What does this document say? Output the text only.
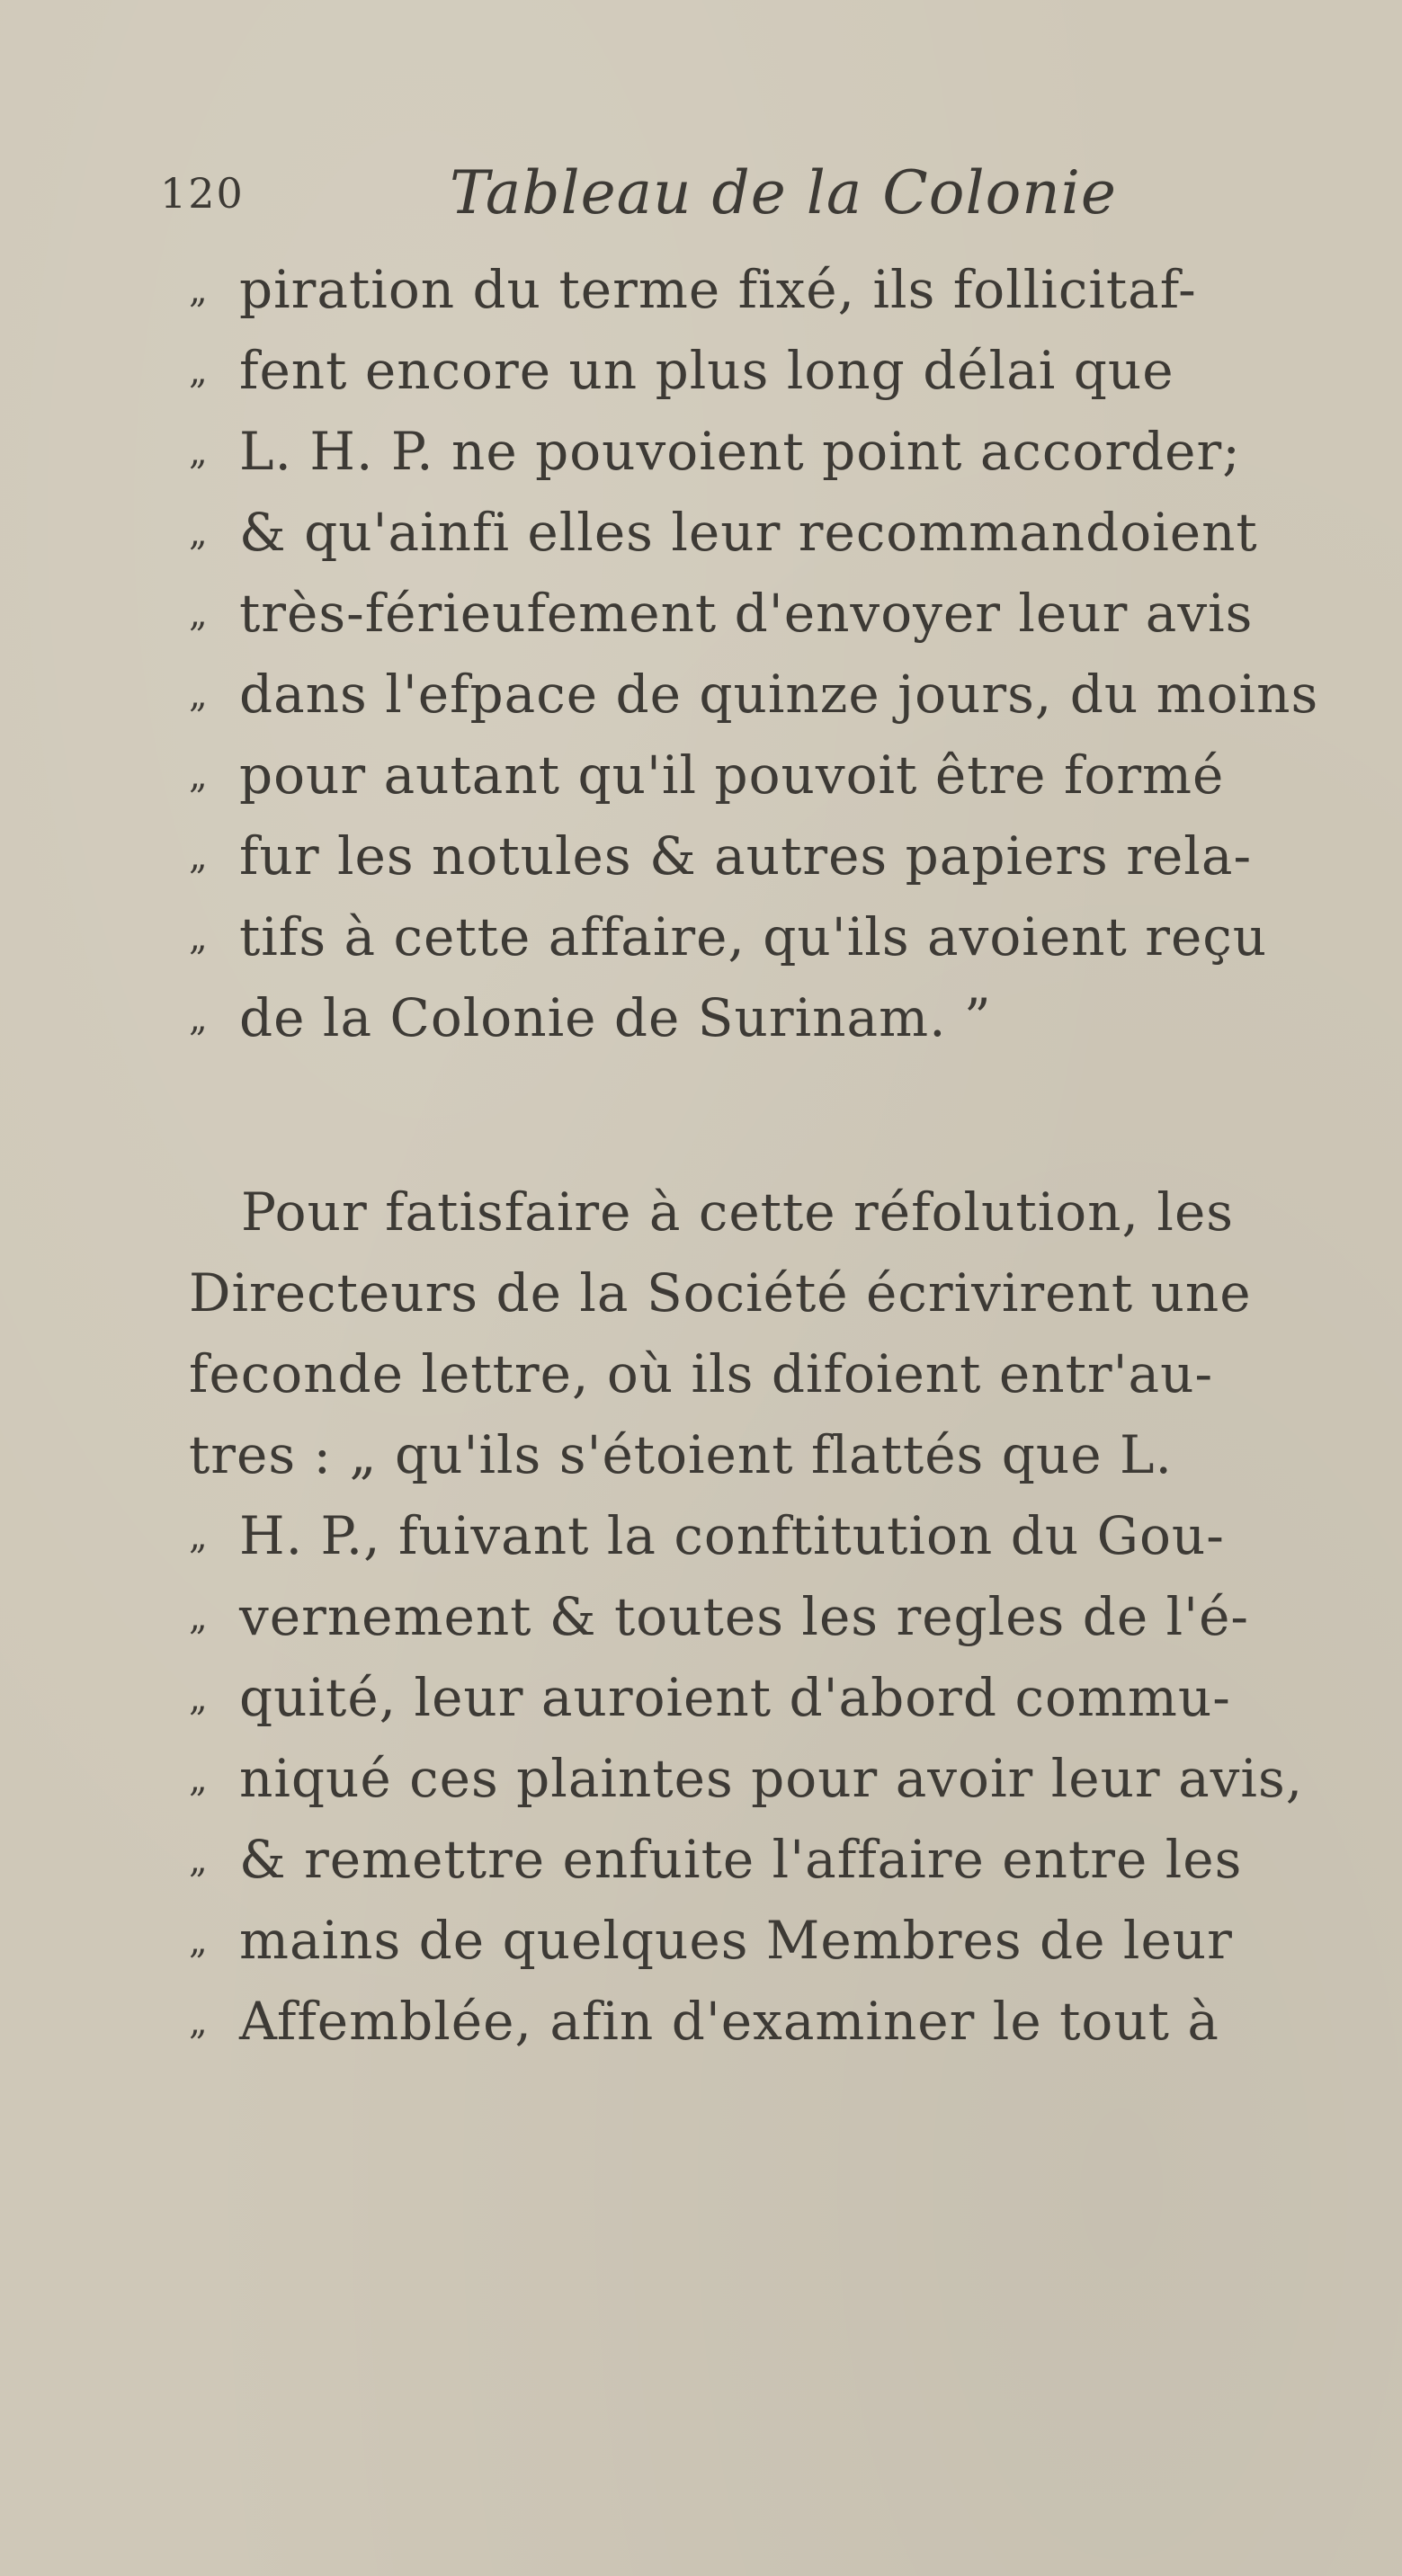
120	Tableau de la Colonie
„ piration du terme fixé, ils follicitaf-
„ fent encore un plus long délai que
„ L. H. P. ne pouvoient point accorder;
„ & qu'ainfi elles leur recommandoient
„ très-férieufement d'envoyer leur avis
„ dans l'efpace de quinze jours, du moins
„ pour autant qu'il pouvoit être formé
„ fur les notules & autres papiers rela-
„ tifs à cette affaire, qu'ils avoient reçu
„ de la Colonie de Surinam. ”
Pour fatisfaire à cette réfolution, les
Directeurs de la Société écrivirent une
feconde lettre, où ils difoient entr'au-
tres : „ qu'ils s'étoient flattés que L.
„ H. P., fuivant la conftitution du Gou-
„ vernement & toutes les regles de l'é-
„ quité, leur auroient d'abord commu-
„ niqué ces plaintes pour avoir leur avis,
„ & remettre enfuite l'affaire entre les
„ mains de quelques Membres de leur
„ Affemblée, afin d'examiner le tout à
